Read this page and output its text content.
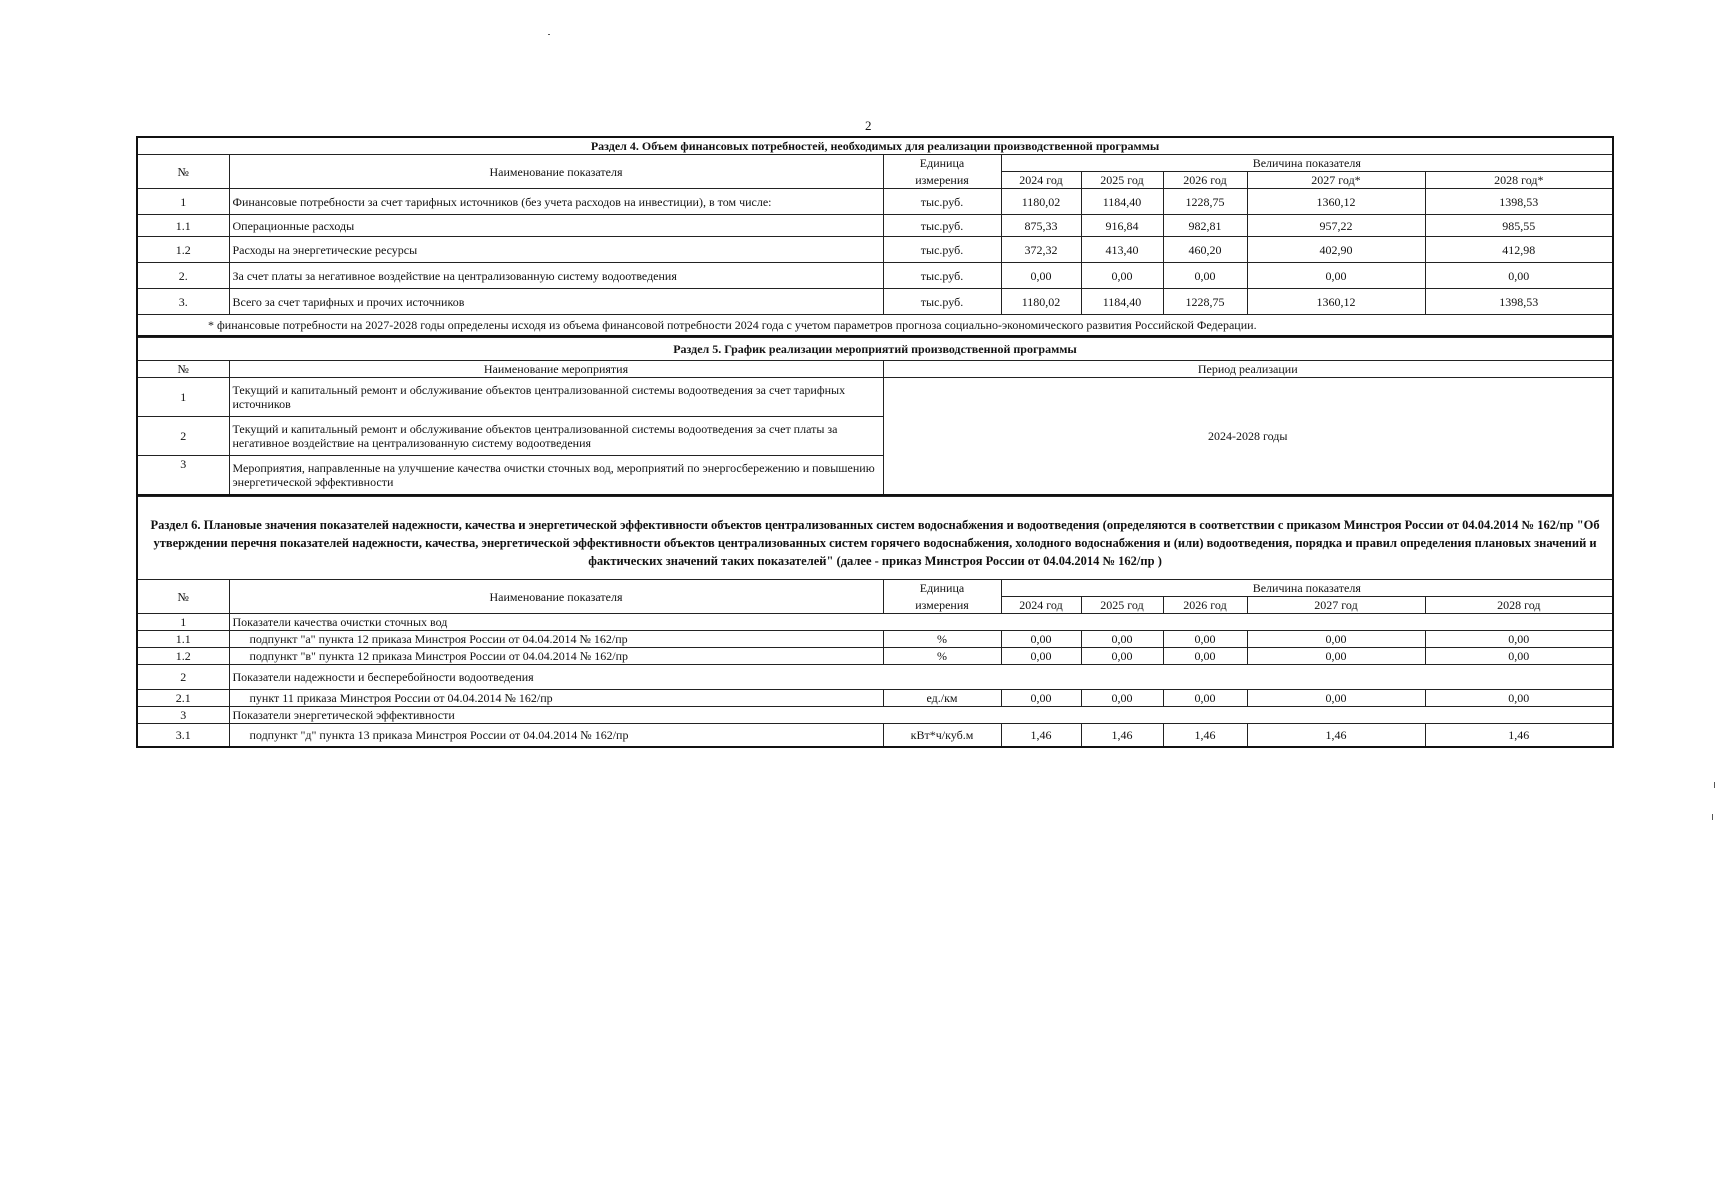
2
Раздел 4. Объем финансовых потребностей, необходимых для реализации производственной программы							
№	Наименование показателя	Единица	Величина показателя				
		измерения	2024 год	2025 год	2026 год	2027 год*	2028 год*
1	Финансовые потребности за счет тарифных источников (без учета расходов на инвестиции), в том числе:	тыс.руб.	1180,02	1184,40	1228,75	1360,12	1398,53
1.1	Операционные расходы	тыс.руб.	875,33	916,84	982,81	957,22	985,55
1.2	Расходы на энергетические ресурсы	тыс.руб.	372,32	413,40	460,20	402,90	412,98
2.	За счет платы за негативное воздействие на централизованную систему водоотведения	тыс.руб.	0,00	0,00	0,00	0,00	0,00
3.	Всего за счет тарифных и прочих источников	тыс.руб.	1180,02	1184,40	1228,75	1360,12	1398,53
* финансовые потребности на 2027-2028 годы определены исходя из объема финансовой потребности 2024 года с учетом параметров прогноза социально-экономического развития Российской Федерации.							
Раздел 5. График реализации мероприятий производственной программы		
№	Наименование мероприятия	Период реализации
1	Текущий и капитальный ремонт и обслуживание объектов централизованной системы водоотведения за счет тарифных источников	2024-2028 годы
2	Текущий и капитальный ремонт и обслуживание объектов централизованной системы водоотведения за счет платы за негативное воздействие на централизованную систему водоотведения	
3	Мероприятия, направленные на улучшение качества очистки сточных вод, мероприятий по энергосбережению и повышению энергетической эффективности	
Раздел 6. Плановые значения показателей надежности, качества и энергетической эффективности объектов централизованных систем водоснабжения и водоотведения (определяются в соответствии с приказом Минстроя России от 04.04.2014 № 162/пр "Об утверждении перечня показателей надежности, качества, энергетической эффективности объектов централизованных систем горячего водоснабжения, холодного водоснабжения и (или) водоотведения, порядка и правил определения плановых значений и фактических значений таких показателей" (далее - приказ Минстроя России от 04.04.2014 № 162/пр )							
№	Наименование показателя	Единица	Величина показателя				
		измерения	2024 год	2025 год	2026 год	2027 год	2028 год
1	Показатели качества очистки сточных вод						
1.1	подпункт "а" пункта 12 приказа Минстроя России от 04.04.2014 № 162/пр	%	0,00	0,00	0,00	0,00	0,00
1.2	подпункт "в" пункта 12 приказа Минстроя России от 04.04.2014 № 162/пр	%	0,00	0,00	0,00	0,00	0,00
2	Показатели надежности и бесперебойности водоотведения						
2.1	пункт 11 приказа Минстроя России от 04.04.2014 № 162/пр	ед./км	0,00	0,00	0,00	0,00	0,00
3	Показатели энергетической эффективности						
3.1	подпункт "д" пункта 13 приказа Минстроя России от 04.04.2014 № 162/пр	кВт*ч/куб.м	1,46	1,46	1,46	1,46	1,46
